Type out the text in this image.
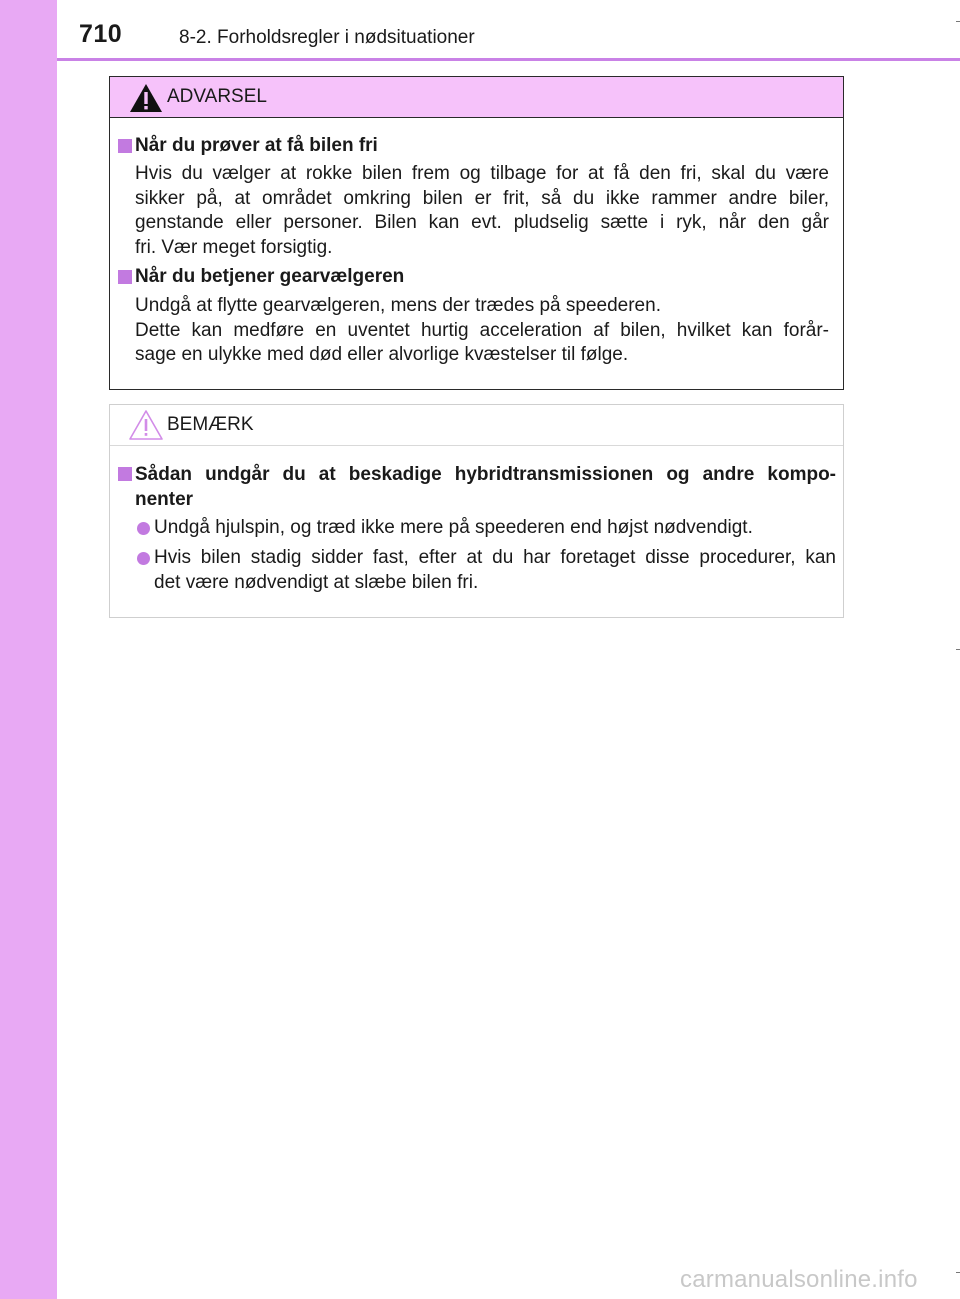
710	8-2. Forholdsregler i nødsituationer
ADVARSEL
Når du prøver at få bilen fri
Hvis du vælger at rokke bilen frem og tilbage for at få den fri, skal du være
sikker på, at området omkring bilen er frit, så du ikke rammer andre biler,
genstande eller personer. Bilen kan evt. pludselig sætte i ryk, når den går
fri. Vær meget forsigtig.
Når du betjener gearvælgeren
Undgå at flytte gearvælgeren, mens der trædes på speederen.
Dette kan medføre en uventet hurtig acceleration af bilen, hvilket kan forår-
sage en ulykke med død eller alvorlige kvæstelser til følge.
BEMÆRK
Sådan undgår du at beskadige hybridtransmissionen og andre kompo-
nenter
Undgå hjulspin, og træd ikke mere på speederen end højst nødvendigt.
Hvis bilen stadig sidder fast, efter at du har foretaget disse procedurer, kan
det være nødvendigt at slæbe bilen fri.
carmanualsonline.info
